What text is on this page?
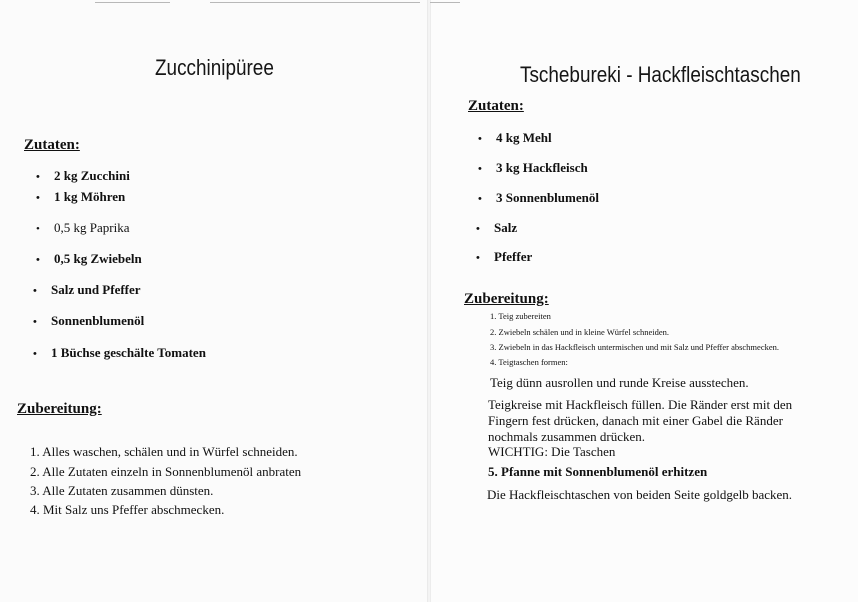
Zucchinipüree
Zutaten:
• 2 kg Zucchini
• 1 kg Möhren
• 0,5 kg Paprika
• 0,5 kg Zwiebeln
• Salz und Pfeffer
• Sonnenblumenöl
• 1 Büchse geschälte Tomaten
Zubereitung:
1. Alles waschen, schälen und in Würfel schneiden.
2. Alle Zutaten einzeln in Sonnenblumenöl anbraten
3. Alle Zutaten zusammen dünsten.
4. Mit Salz uns Pfeffer abschmecken.
Tschebureki - Hackfleischtaschen
Zutaten:
• 4 kg Mehl
• 3 kg Hackfleisch
• 3 Sonnenblumenöl
• Salz
• Pfeffer
Zubereitung:
1. Teig zubereiten
2. Zwiebeln schälen und in kleine Würfel schneiden.
3. Zwiebeln in das Hackfleisch untermischen und mit Salz und Pfeffer abschmecken.
4. Teigtaschen formen:
Teig dünn ausrollen und runde Kreise ausstechen.
Teigkreise mit Hackfleisch füllen. Die Ränder erst mit den
Fingern fest drücken, danach mit einer Gabel die Ränder
nochmals zusammen drücken.
WICHTIG: Die Taschen
5. Pfanne mit Sonnenblumenöl erhitzen
Die Hackfleischtaschen von beiden Seite goldgelb backen.
